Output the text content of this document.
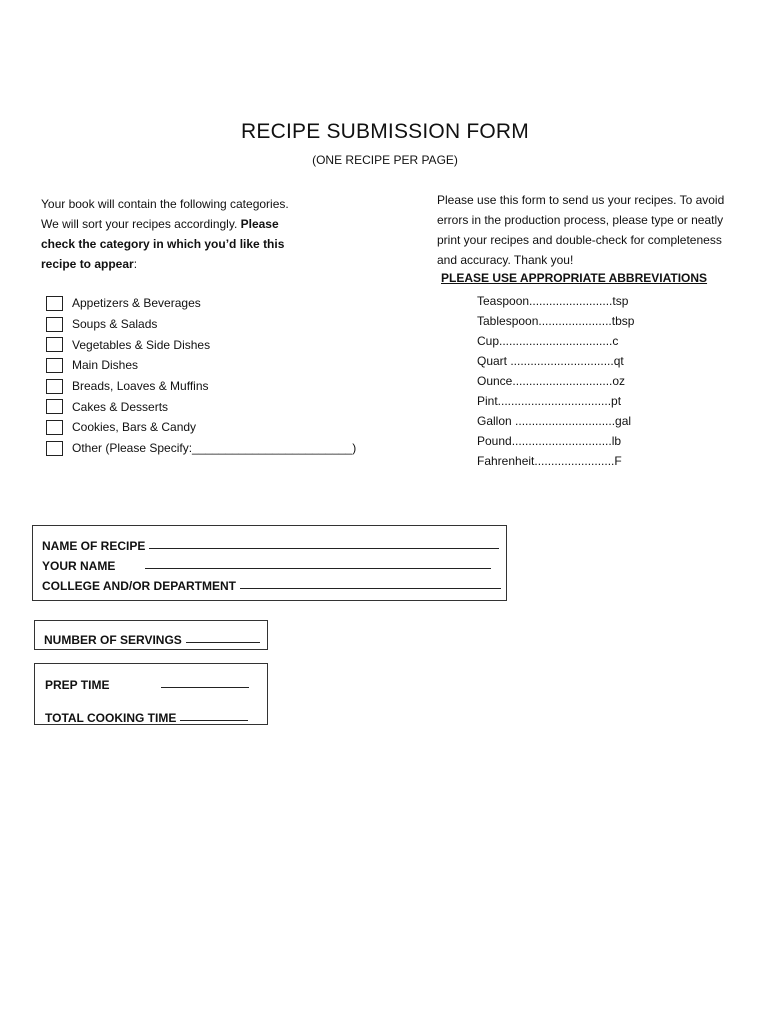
RECIPE SUBMISSION FORM
(ONE RECIPE PER PAGE)

Your book will contain the following categories. We will sort your recipes accordingly. Please check the category in which you’d like this recipe to appear:

Appetizers & Beverages
Soups & Salads
Vegetables & Side Dishes
Main Dishes
Breads, Loaves & Muffins
Cakes & Desserts
Cookies, Bars & Candy
Other (Please Specify:________________________)

Please use this form to send us your recipes. To avoid errors in the production process, please type or neatly print your recipes and double-check for completeness and accuracy. Thank you!

PLEASE USE APPROPRIATE ABBREVIATIONS
Teaspoon.........................tsp
Tablespoon......................tbsp
Cup..................................c
Quart ...............................qt
Ounce..............................oz
Pint..................................pt
Gallon ..............................gal
Pound..............................lb
Fahrenheit........................F
NAME OF RECIPE
YOUR NAME
COLLEGE AND/OR DEPARTMENT
NUMBER OF SERVINGS
PREP TIME
TOTAL COOKING TIME
